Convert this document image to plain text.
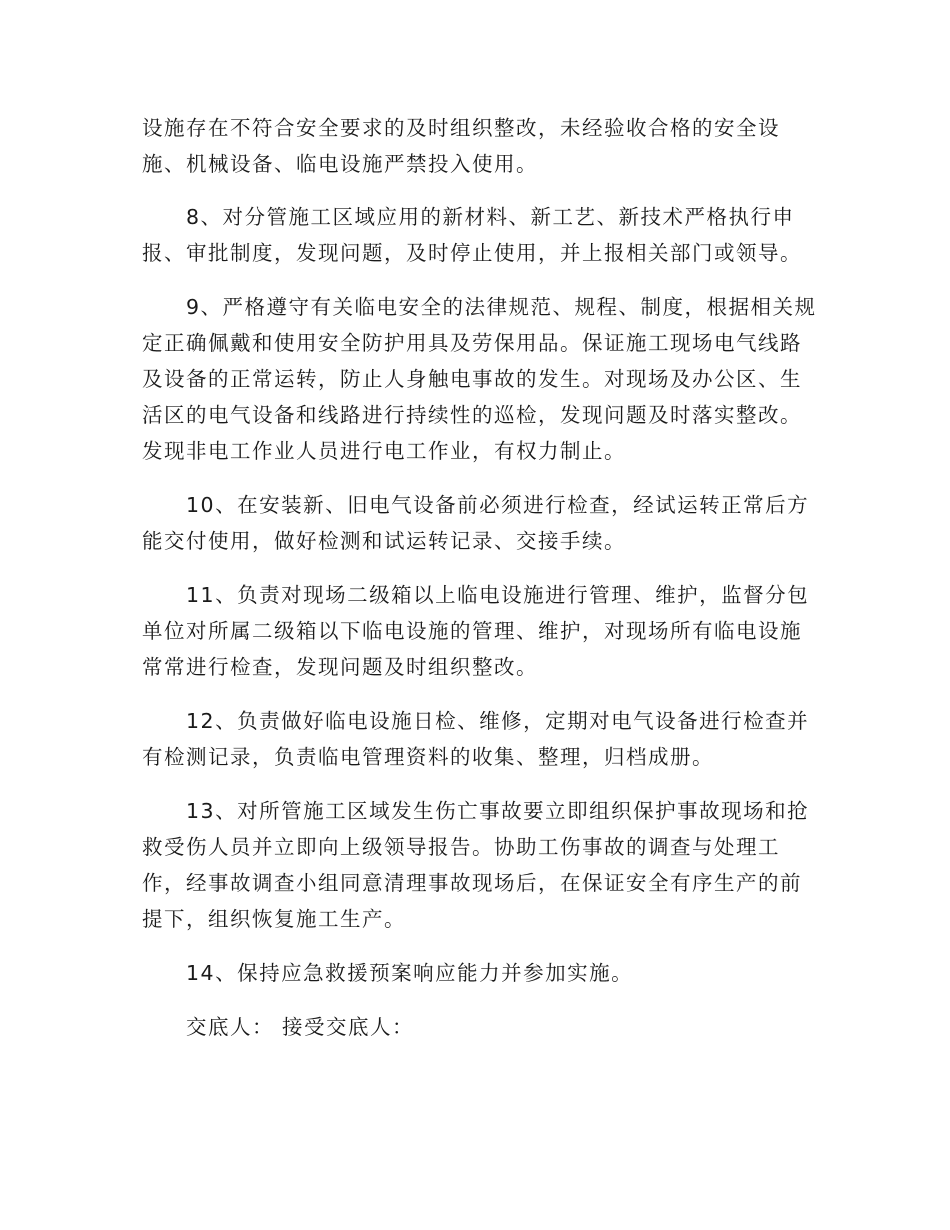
设施存在不符合安全要求的及时组织整改，未经验收合格的安全设
施、机械设备、临电设施严禁投入使用。
8、对分管施工区域应用的新材料、新工艺、新技术严格执行申
报、审批制度，发现问题，及时停止使用，并上报相关部门或领导。
9、严格遵守有关临电安全的法律规范、规程、制度，根据相关规
定正确佩戴和使用安全防护用具及劳保用品。保证施工现场电气线路
及设备的正常运转，防止人身触电事故的发生。对现场及办公区、生
活区的电气设备和线路进行持续性的巡检，发现问题及时落实整改。
发现非电工作业人员进行电工作业，有权力制止。
10、在安装新、旧电气设备前必须进行检查，经试运转正常后方
能交付使用，做好检测和试运转记录、交接手续。
11、负责对现场二级箱以上临电设施进行管理、维护，监督分包
单位对所属二级箱以下临电设施的管理、维护，对现场所有临电设施
常常进行检查，发现问题及时组织整改。
12、负责做好临电设施日检、维修，定期对电气设备进行检查并
有检测记录，负责临电管理资料的收集、整理，归档成册。
13、对所管施工区域发生伤亡事故要立即组织保护事故现场和抢
救受伤人员并立即向上级领导报告。协助工伤事故的调查与处理工
作，经事故调查小组同意清理事故现场后，在保证安全有序生产的前
提下，组织恢复施工生产。
14、保持应急救援预案响应能力并参加实施。
交底人： 接受交底人：
